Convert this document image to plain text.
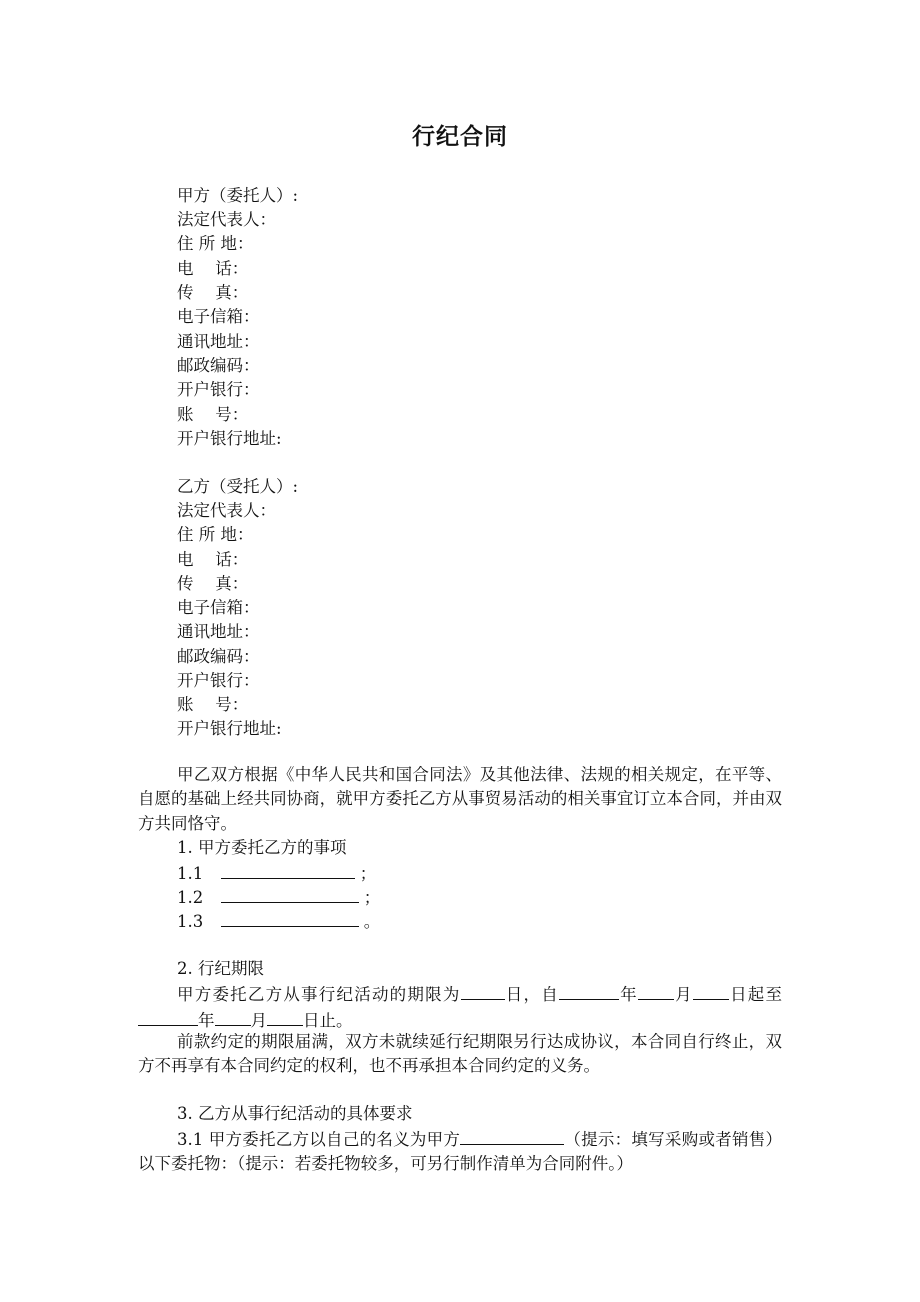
行纪合同
甲方（委托人）:
法定代表人：
住 所 地：
电　 话：
传　 真：
电子信箱：
通讯地址：
邮政编码：
开户银行：
账　 号：
开户银行地址:
乙方（受托人）:
法定代表人：
住 所 地：
电　 话：
传　 真：
电子信箱：
通讯地址：
邮政编码：
开户银行：
账　 号：
开户银行地址:
甲乙双方根据《中华人民共和国合同法》及其他法律、法规的相关规定，在平等、自愿的基础上经共同协商，就甲方委托乙方从事贸易活动的相关事宜订立本合同，并由双方共同恪守。
1. 甲方委托乙方的事项
1.1	；
1.2	；
1.3	。
2. 行纪期限
甲方委托乙方从事行纪活动的期限为	日，自	年 月 日起至年 月 日止。
前款约定的期限届满，双方未就续延行纪期限另行达成协议，本合同自行终止，双方不再享有本合同约定的权利，也不再承担本合同约定的义务。
3. 乙方从事行纪活动的具体要求
3.1 甲方委托乙方以自己的名义为甲方	（提示：填写采购或者销售）以下委托物：（提示：若委托物较多，可另行制作清单为合同附件。）
